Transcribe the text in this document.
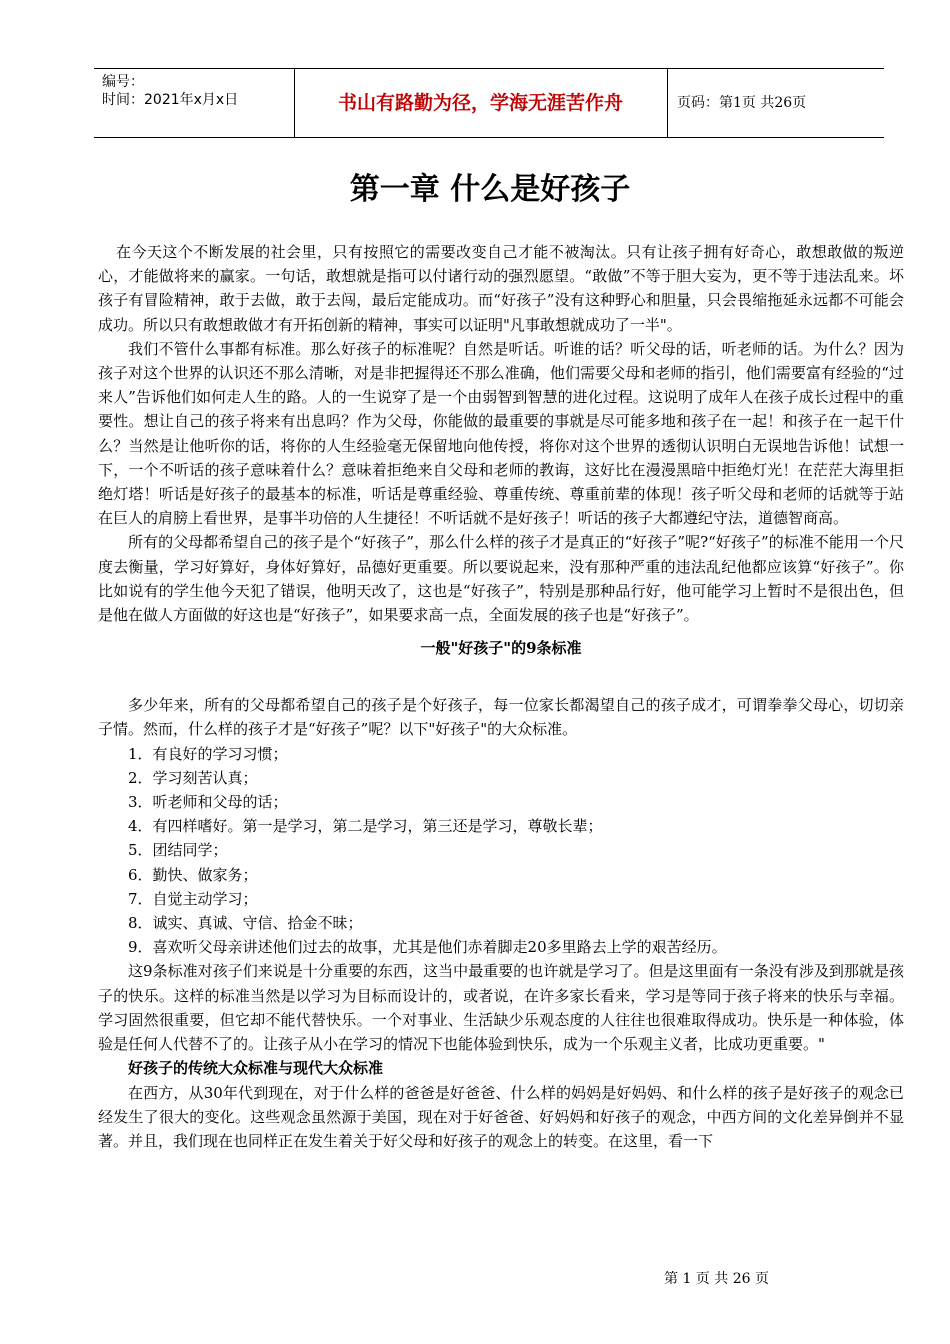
编号：
时间：2021年x月x日	书山有路勤为径，学海无涯苦作舟	页码：第1页 共26页
第一章 什么是好孩子

在今天这个不断发展的社会里，只有按照它的需要改变自己才能不被淘汰。只有让孩子拥有好奇心，敢想敢做的叛逆心，才能做将来的赢家。一句话，敢想就是指可以付诸行动的强烈愿望。“敢做”不等于胆大妄为，更不等于违法乱来。坏孩子有冒险精神，敢于去做，敢于去闯，最后定能成功。而“好孩子”没有这种野心和胆量，只会畏缩拖延永远都不可能会成功。所以只有敢想敢做才有开拓创新的精神，事实可以证明"凡事敢想就成功了一半"。

我们不管什么事都有标准。那么好孩子的标准呢？自然是听话。听谁的话？听父母的话，听老师的话。为什么？因为孩子对这个世界的认识还不那么清晰，对是非把握得还不那么准确，他们需要父母和老师的指引，他们需要富有经验的“过来人”告诉他们如何走人生的路。人的一生说穿了是一个由弱智到智慧的进化过程。这说明了成年人在孩子成长过程中的重要性。想让自己的孩子将来有出息吗？作为父母，你能做的最重要的事就是尽可能多地和孩子在一起！和孩子在一起干什么？当然是让他听你的话，将你的人生经验毫无保留地向他传授，将你对这个世界的透彻认识明白无误地告诉他！试想一下，一个不听话的孩子意味着什么？意味着拒绝来自父母和老师的教诲，这好比在漫漫黑暗中拒绝灯光！在茫茫大海里拒绝灯塔！听话是好孩子的最基本的标准，听话是尊重经验、尊重传统、尊重前辈的体现！孩子听父母和老师的话就等于站在巨人的肩膀上看世界，是事半功倍的人生捷径！不听话就不是好孩子！听话的孩子大都遵纪守法，道德智商高。

所有的父母都希望自己的孩子是个“好孩子”，那么什么样的孩子才是真正的“好孩子”呢?“好孩子”的标准不能用一个尺度去衡量，学习好算好，身体好算好，品德好更重要。所以要说起来，没有那种严重的违法乱纪他都应该算“好孩子”。你比如说有的学生他今天犯了错误，他明天改了，这也是“好孩子”，特别是那种品行好，他可能学习上暂时不是很出色，但是他在做人方面做的好这也是“好孩子”，如果要求高一点，全面发展的孩子也是“好孩子”。

一般"好孩子"的9条标准

多少年来，所有的父母都希望自己的孩子是个好孩子，每一位家长都渴望自己的孩子成才，可谓拳拳父母心，切切亲子情。然而，什么样的孩子才是“好孩子”呢？以下"好孩子"的大众标准。

1．有良好的学习习惯；
2．学习刻苦认真；
3．听老师和父母的话；
4．有四样嗜好。第一是学习，第二是学习，第三还是学习，尊敬长辈；
5．团结同学；
6．勤快、做家务；
7．自觉主动学习；
8．诚实、真诚、守信、拾金不昧；
9．喜欢听父母亲讲述他们过去的故事，尤其是他们赤着脚走20多里路去上学的艰苦经历。

这9条标准对孩子们来说是十分重要的东西，这当中最重要的也许就是学习了。但是这里面有一条没有涉及到那就是孩子的快乐。这样的标准当然是以学习为目标而设计的，或者说，在许多家长看来，学习是等同于孩子将来的快乐与幸福。学习固然很重要，但它却不能代替快乐。一个对事业、生活缺少乐观态度的人往往也很难取得成功。快乐是一种体验，体验是任何人代替不了的。让孩子从小在学习的情况下也能体验到快乐，成为一个乐观主义者，比成功更重要。"

好孩子的传统大众标准与现代大众标准

在西方，从30年代到现在，对于什么样的爸爸是好爸爸、什么样的妈妈是好妈妈、和什么样的孩子是好孩子的观念已经发生了很大的变化。这些观念虽然源于美国，现在对于好爸爸、好妈妈和好孩子的观念，中西方间的文化差异倒并不显著。并且，我们现在也同样正在发生着关于好父母和好孩子的观念上的转变。在这里，看一下

第 1 页 共 26 页
